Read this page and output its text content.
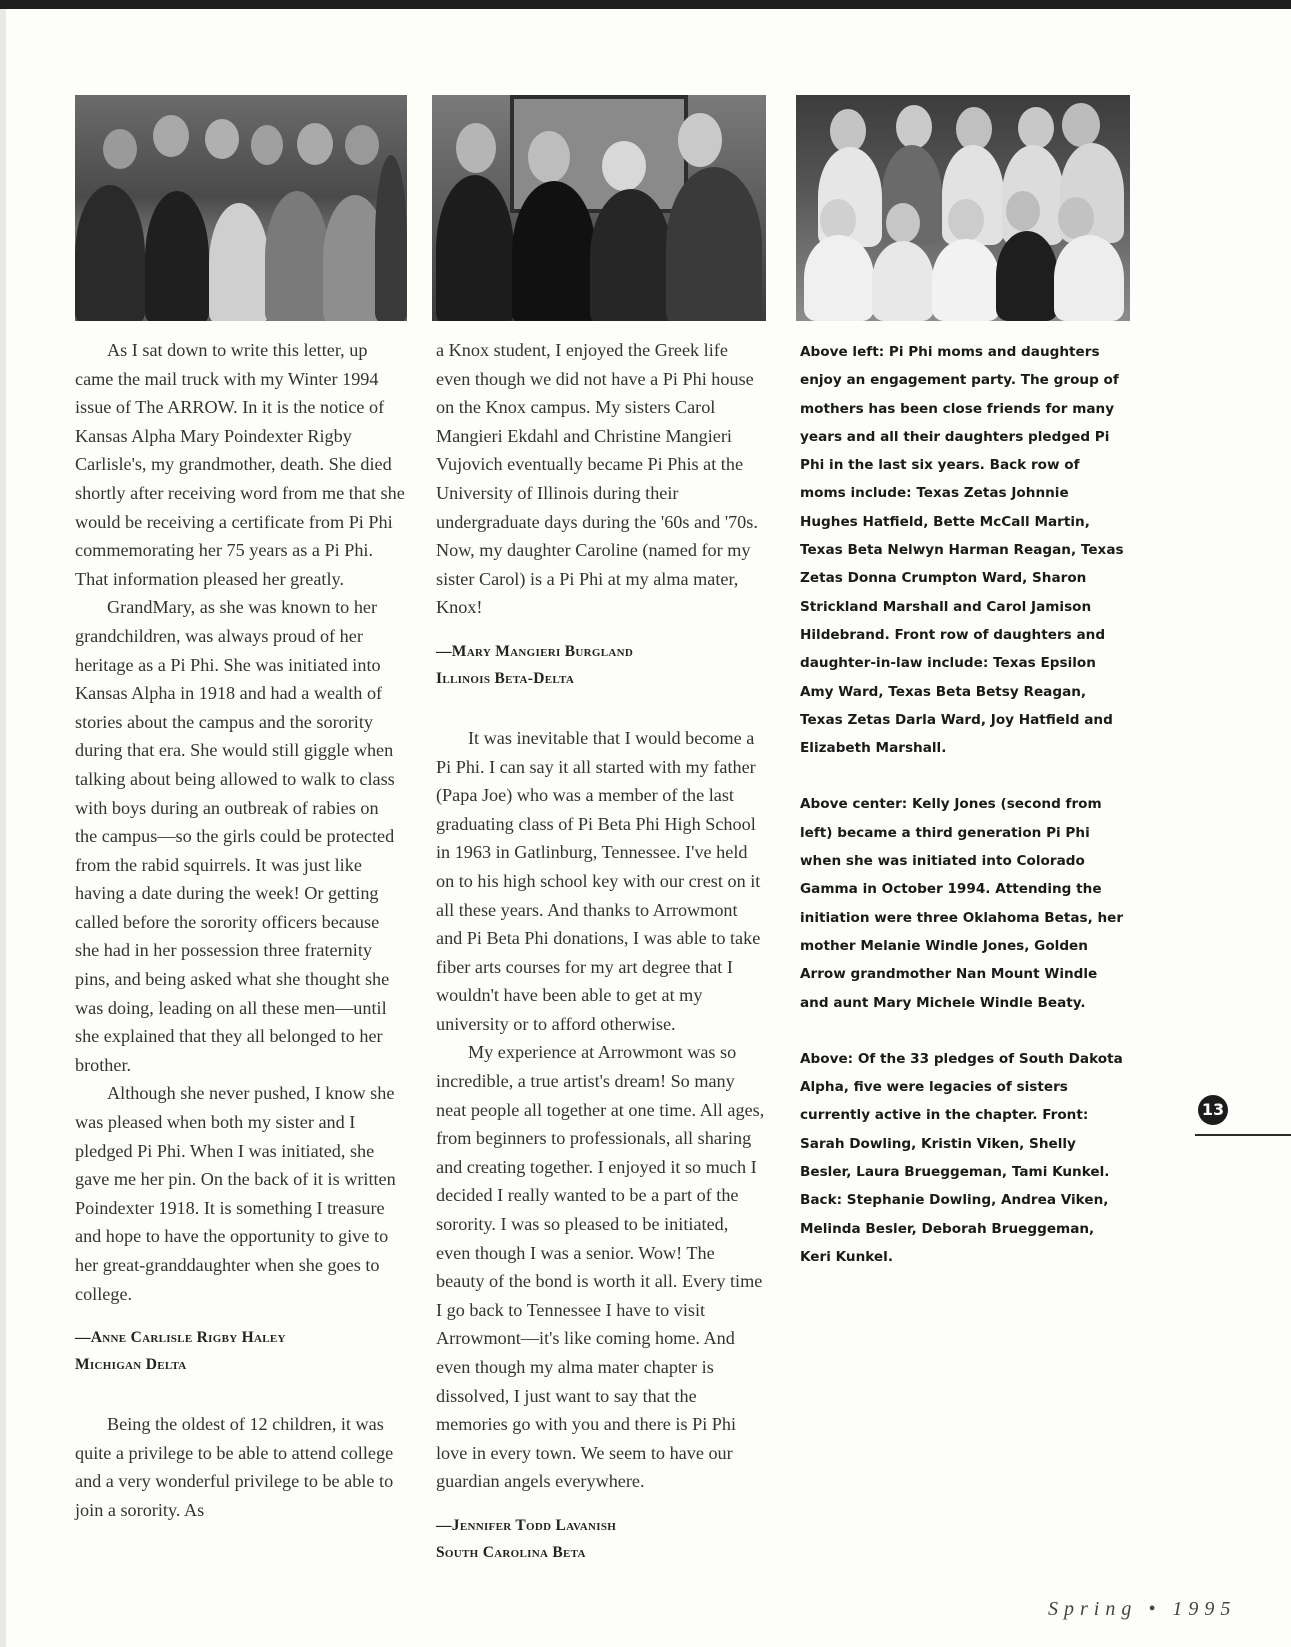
As I sat down to write this letter, up came the mail truck with my Winter 1994 issue of The ARROW. In it is the notice of Kansas Alpha Mary Poindexter Rigby Carlisle's, my grandmother, death. She died shortly after receiving word from me that she would be receiving a certificate from Pi Phi commemorating her 75 years as a Pi Phi. That information pleased her greatly.

GrandMary, as she was known to her grandchildren, was always proud of her heritage as a Pi Phi. She was initiated into Kansas Alpha in 1918 and had a wealth of stories about the campus and the sorority during that era. She would still giggle when talking about being allowed to walk to class with boys during an outbreak of rabies on the campus—so the girls could be protected from the rabid squirrels. It was just like having a date during the week! Or getting called before the sorority officers because she had in her possession three fraternity pins, and being asked what she thought she was doing, leading on all these men—until she explained that they all belonged to her brother.

Although she never pushed, I know she was pleased when both my sister and I pledged Pi Phi. When I was initiated, she gave me her pin. On the back of it is written Poindexter 1918. It is something I treasure and hope to have the opportunity to give to her great-granddaughter when she goes to college.

—Anne Carlisle Rigby Haley
Michigan Delta

Being the oldest of 12 children, it was quite a privilege to be able to attend college and a very wonderful privilege to be able to join a sorority. As

a Knox student, I enjoyed the Greek life even though we did not have a Pi Phi house on the Knox campus. My sisters Carol Mangieri Ekdahl and Christine Mangieri Vujovich eventually became Pi Phis at the University of Illinois during their undergraduate days during the '60s and '70s. Now, my daughter Caroline (named for my sister Carol) is a Pi Phi at my alma mater, Knox!

—Mary Mangieri Burgland
Illinois Beta-Delta

It was inevitable that I would become a Pi Phi. I can say it all started with my father (Papa Joe) who was a member of the last graduating class of Pi Beta Phi High School in 1963 in Gatlinburg, Tennessee. I've held on to his high school key with our crest on it all these years. And thanks to Arrowmont and Pi Beta Phi donations, I was able to take fiber arts courses for my art degree that I wouldn't have been able to get at my university or to afford otherwise.

My experience at Arrowmont was so incredible, a true artist's dream! So many neat people all together at one time. All ages, from beginners to professionals, all sharing and creating together. I enjoyed it so much I decided I really wanted to be a part of the sorority. I was so pleased to be initiated, even though I was a senior. Wow! The beauty of the bond is worth it all. Every time I go back to Tennessee I have to visit Arrowmont—it's like coming home. And even though my alma mater chapter is dissolved, I just want to say that the memories go with you and there is Pi Phi love in every town. We seem to have our guardian angels everywhere.

—Jennifer Todd Lavanish
South Carolina Beta

Above left: Pi Phi moms and daughters enjoy an engagement party. The group of mothers has been close friends for many years and all their daughters pledged Pi Phi in the last six years. Back row of moms include: Texas Zetas Johnnie Hughes Hatfield, Bette McCall Martin, Texas Beta Nelwyn Harman Reagan, Texas Zetas Donna Crumpton Ward, Sharon Strickland Marshall and Carol Jamison Hildebrand. Front row of daughters and daughter-in-law include: Texas Epsilon Amy Ward, Texas Beta Betsy Reagan, Texas Zetas Darla Ward, Joy Hatfield and Elizabeth Marshall.

Above center: Kelly Jones (second from left) became a third generation Pi Phi when she was initiated into Colorado Gamma in October 1994. Attending the initiation were three Oklahoma Betas, her mother Melanie Windle Jones, Golden Arrow grandmother Nan Mount Windle and aunt Mary Michele Windle Beaty.

Above: Of the 33 pledges of South Dakota Alpha, five were legacies of sisters currently active in the chapter. Front: Sarah Dowling, Kristin Viken, Shelly Besler, Laura Brueggeman, Tami Kunkel. Back: Stephanie Dowling, Andrea Viken, Melinda Besler, Deborah Brueggeman, Keri Kunkel.

13
Spring • 1995
